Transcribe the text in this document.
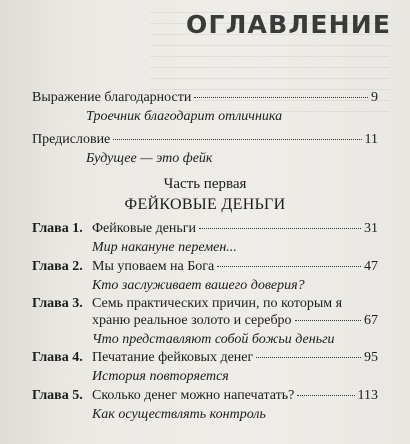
ОГЛАВЛЕНИЕ
Выражение благодарности	9
Троечник благодарит отличника
Предисловие	11
Будущее — это фейк
Часть первая
ФЕЙКОВЫЕ ДЕНЬГИ
Глава 1. Фейковые деньги	31
Мир накануне перемен...
Глава 2. Мы уповаем на Бога	47
Кто заслуживает вашего доверия?
Глава 3. Семь практических причин, по которым я
храню реальное золото и серебро	67
Что представляют собой божьи деньги
Глава 4. Печатание фейковых денег	95
История повторяется
Глава 5. Сколько денег можно напечатать?	113
Как осуществлять контроль
